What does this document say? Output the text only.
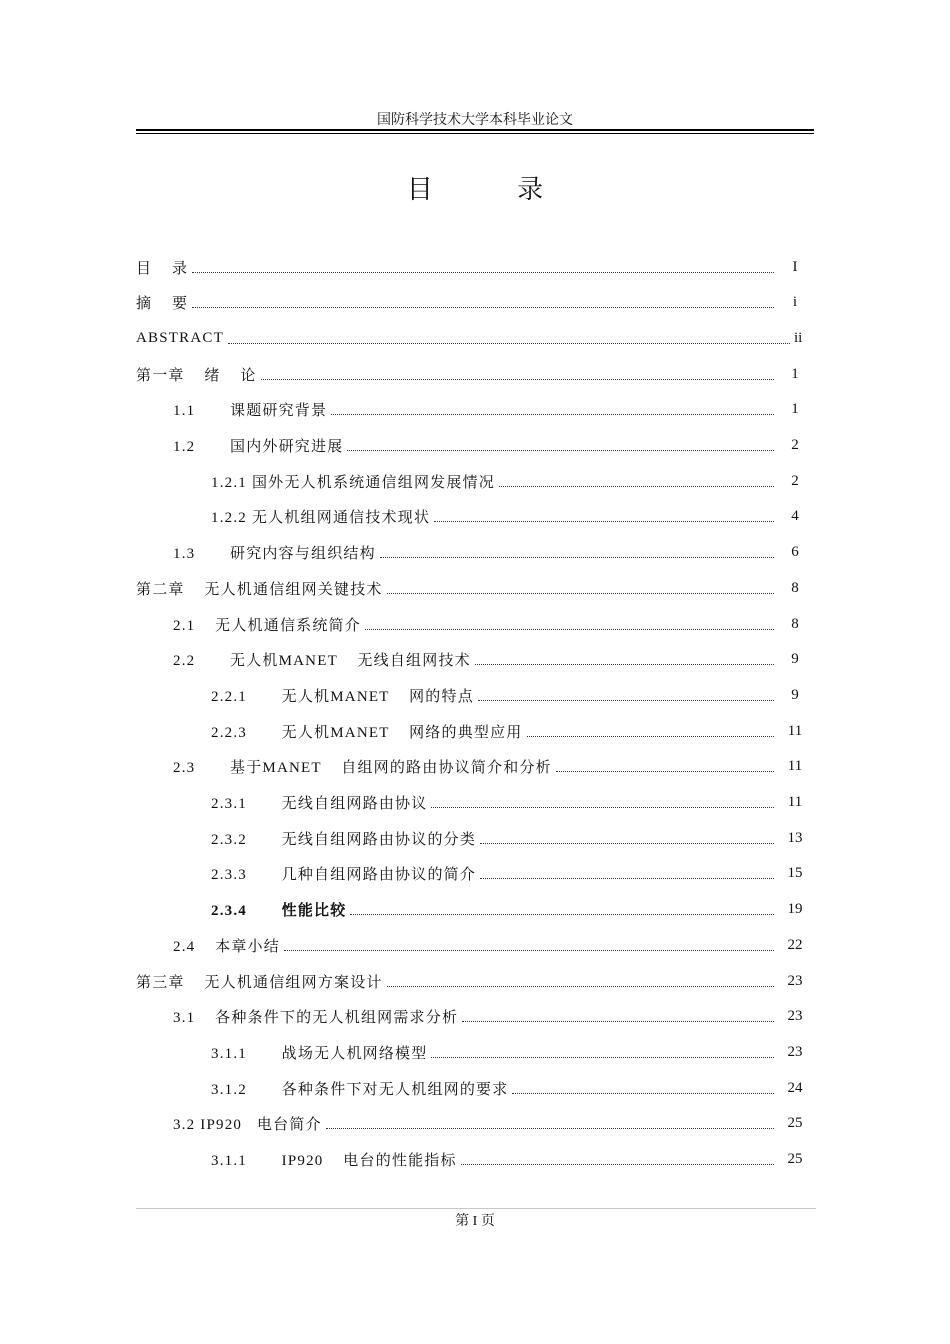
国防科学技术大学本科毕业论文
目 录
目    录	I
摘    要	i
ABSTRACT	ii
第一章    绪    论	1
1.1       课题研究背景	1
1.2       国内外研究进展	2
1.2.1 国外无人机系统通信组网发展情况	2
1.2.2 无人机组网通信技术现状	4
1.3       研究内容与组织结构	6
第二章    无人机通信组网关键技术	8
2.1    无人机通信系统简介	8
2.2       无人机MANET    无线自组网技术	9
2.2.1       无人机MANET    网的特点	9
2.2.3       无人机MANET    网络的典型应用	11
2.3       基于MANET    自组网的路由协议简介和分析	11
2.3.1       无线自组网路由协议	11
2.3.2       无线自组网路由协议的分类	13
2.3.3       几种自组网路由协议的简介	15
2.3.4       性能比较	19
2.4    本章小结	22
第三章    无人机通信组网方案设计	23
3.1    各种条件下的无人机组网需求分析	23
3.1.1       战场无人机网络模型	23
3.1.2       各种条件下对无人机组网的要求	24
3.2 IP920   电台简介	25
3.1.1       IP920    电台的性能指标	25
第 I 页
